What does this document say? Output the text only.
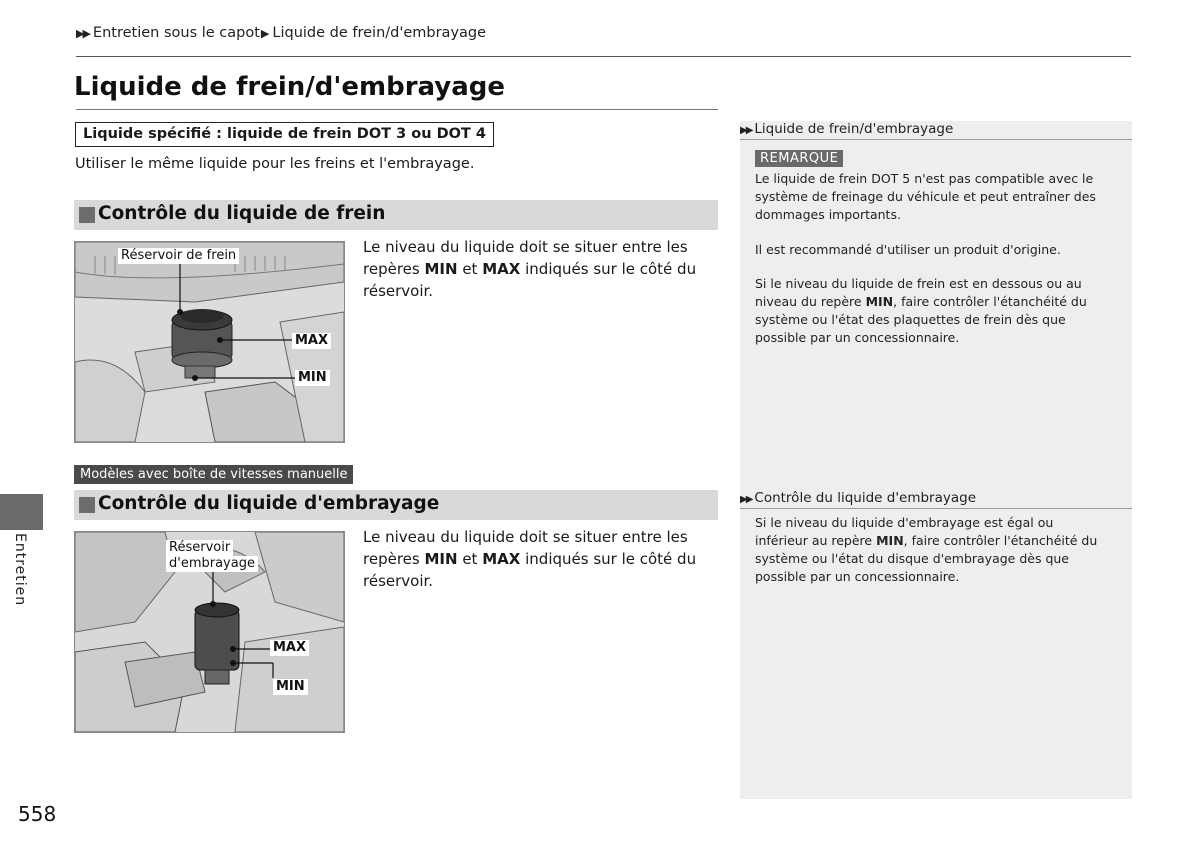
▶▶ Entretien sous le capot▶ Liquide de frein/d'embrayage
Liquide de frein/d'embrayage
Liquide spécifié : liquide de frein DOT 3 ou DOT 4
Utiliser le même liquide pour les freins et l'embrayage.
Contrôle du liquide de frein
Réservoir de frein
MAX
MIN
Le niveau du liquide doit se situer entre les repères MIN et MAX indiqués sur le côté du réservoir.
Modèles avec boîte de vitesses manuelle
Contrôle du liquide d'embrayage
Réservoir
d'embrayage
MAX
MIN
Le niveau du liquide doit se situer entre les repères MIN et MAX indiqués sur le côté du réservoir.
Entretien
558
▶▶ Liquide de frein/d'embrayage
REMARQUE
Le liquide de frein DOT 5 n'est pas compatible avec le système de freinage du véhicule et peut entraîner des dommages importants.
Il est recommandé d'utiliser un produit d'origine.
Si le niveau du liquide de frein est en dessous ou au niveau du repère MIN, faire contrôler l'étanchéité du système ou l'état des plaquettes de frein dès que possible par un concessionnaire.
▶▶ Contrôle du liquide d'embrayage
Si le niveau du liquide d'embrayage est égal ou inférieur au repère MIN, faire contrôler l'étanchéité du système ou l'état du disque d'embrayage dès que possible par un concessionnaire.
